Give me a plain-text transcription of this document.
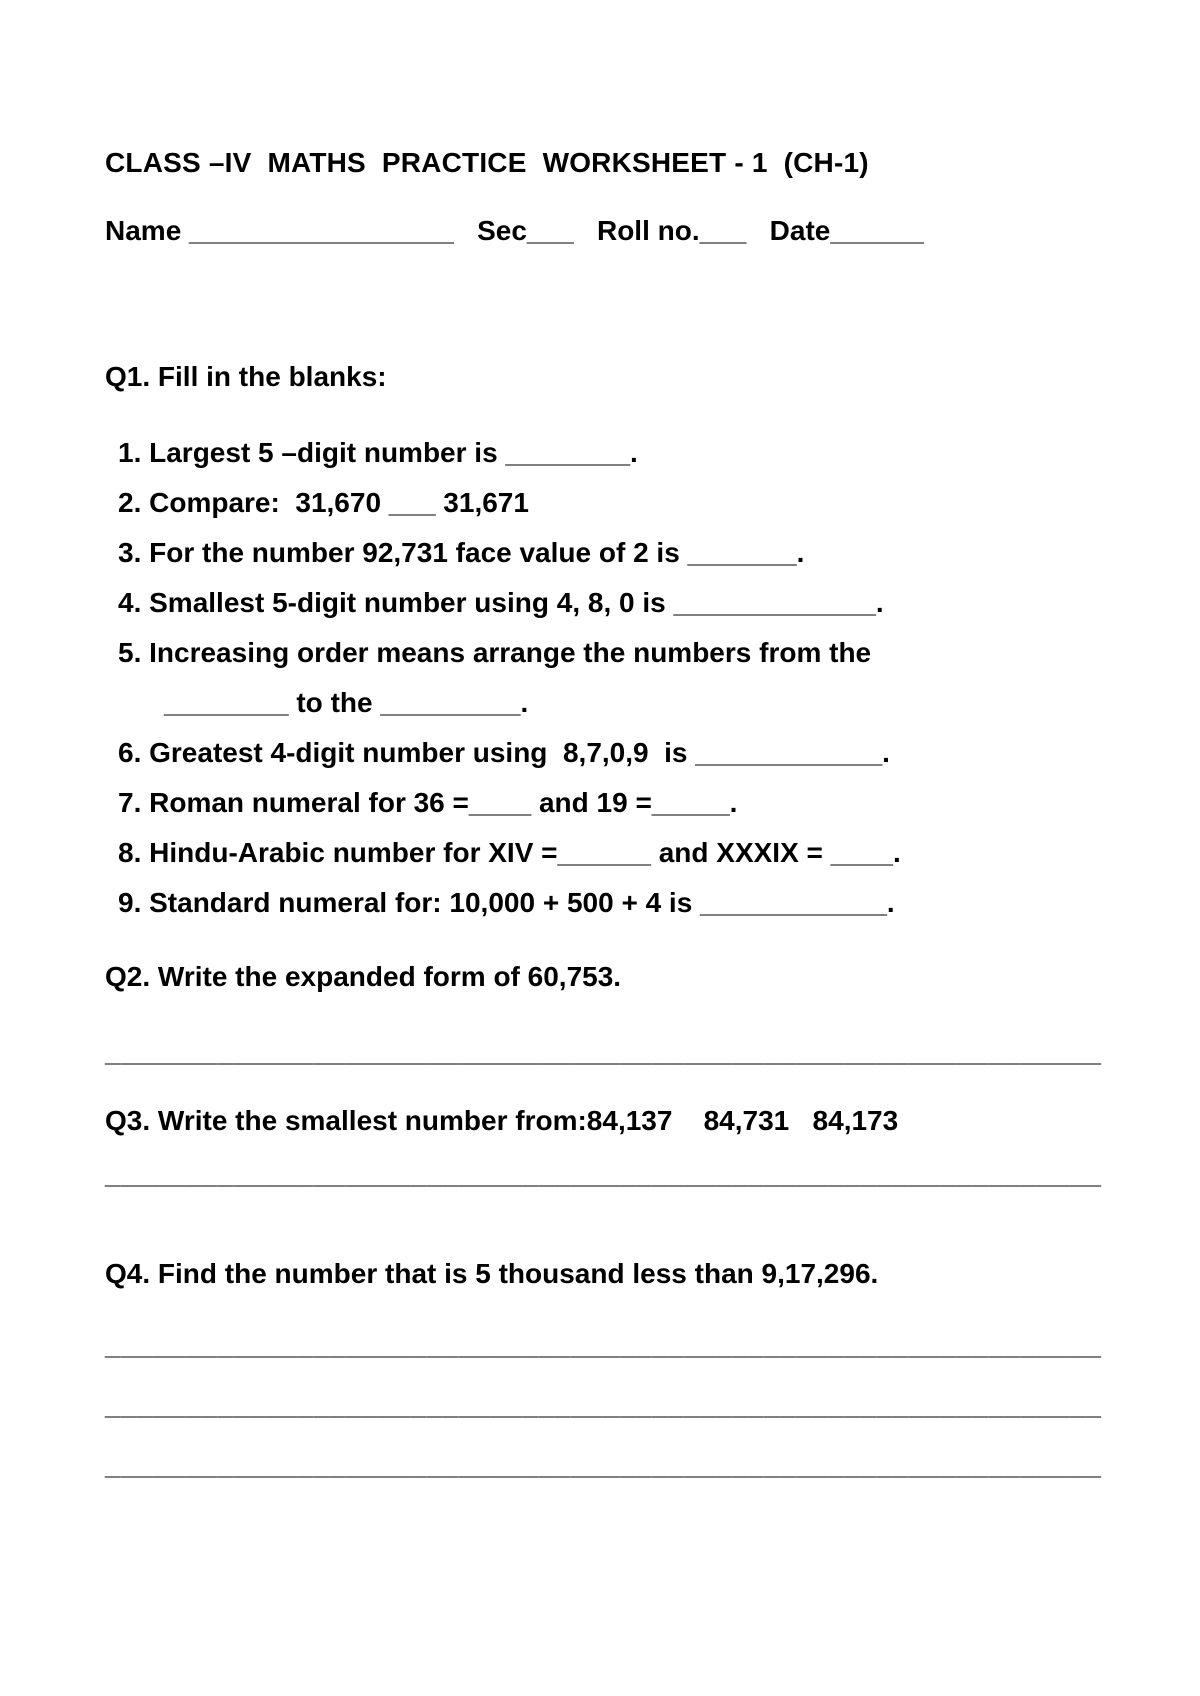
CLASS –IV  MATHS  PRACTICE  WORKSHEET - 1  (CH-1)
Name _________________   Sec___   Roll no.___   Date______
Q1. Fill in the blanks:
1. Largest 5 –digit number is ________.
2. Compare:  31,670 ___ 31,671
3. For the number 92,731 face value of 2 is _______.
4. Smallest 5-digit number using 4, 8, 0 is _____________.
5. Increasing order means arrange the numbers from the
________ to the _________.
6. Greatest 4-digit number using  8,7,0,9  is ____________.
7. Roman numeral for 36 =____ and 19 =_____.
8. Hindu-Arabic number for XIV =______ and XXXIX = ____.
9. Standard numeral for: 10,000 + 500 + 4 is ____________.
Q2. Write the expanded form of 60,753.
______________________________________________________________
Q3. Write the smallest number from:84,137    84,731   84,173
______________________________________________________________
Q4. Find the number that is 5 thousand less than 9,17,296.
______________________________________________________________
______________________________________________________________
______________________________________________________________
